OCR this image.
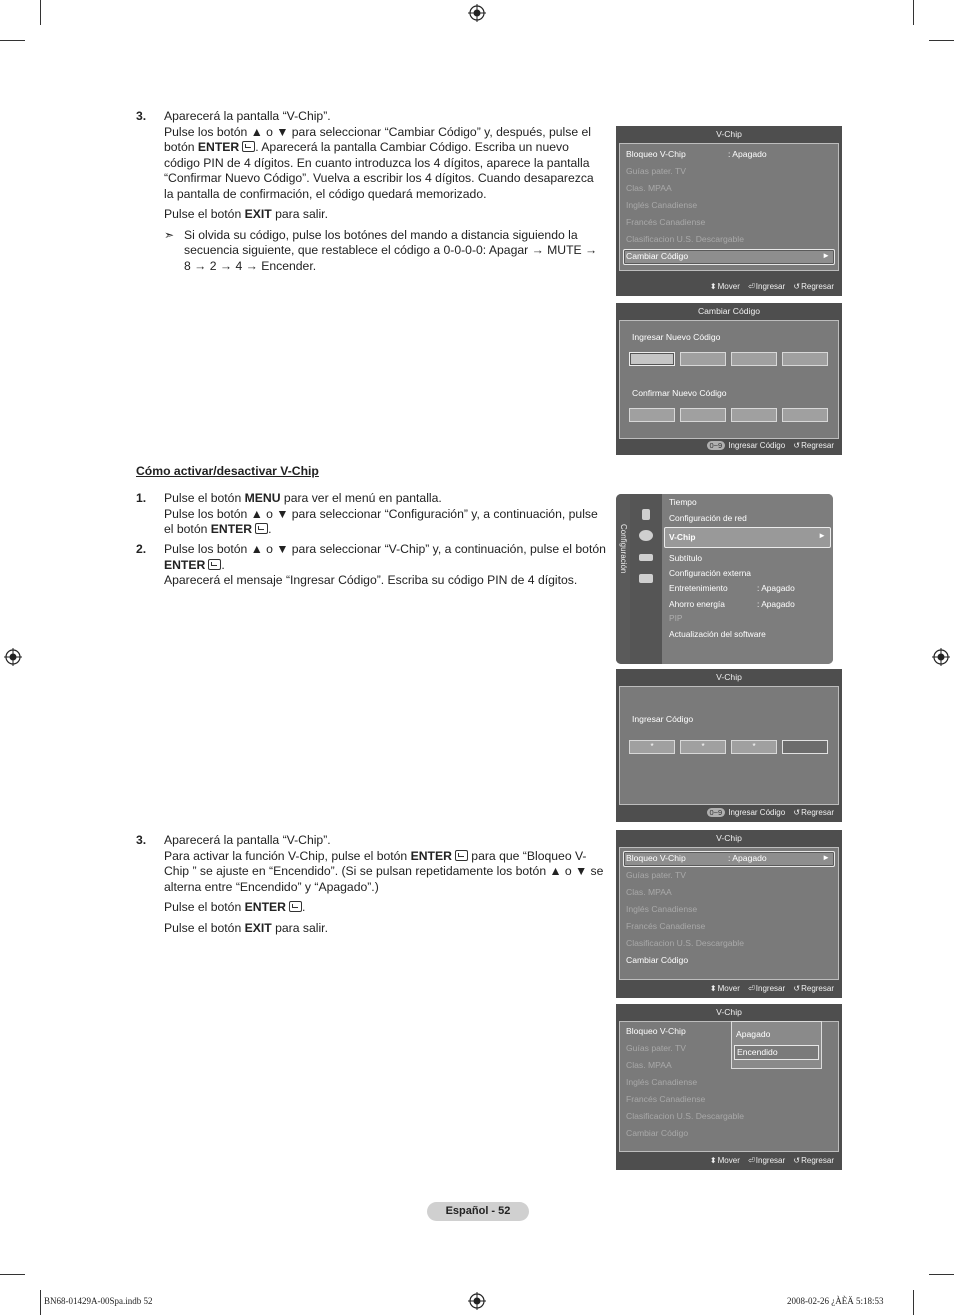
3. Aparecerá la pantalla “V-Chip”.

Pulse los botón ▲ o ▼ para seleccionar “Cambiar Código” y, después, pulse el botón ENTER . Aparecerá la pantalla Cambiar Código. Escriba un nuevo código PIN de 4 dígitos. En cuanto introduzca los 4 dígitos, aparece la pantalla “Confirmar Nuevo Código”. Vuelva a escribir los 4 dígitos. Cuando desaparezca la pantalla de confirmación, el código quedará memorizado.

Pulse el botón EXIT para salir.

➣ Si olvida su código, pulse los botónes del mando a distancia siguiendo la secuencia siguiente, que restablece el código a 0-0-0-0: Apagar → MUTE → 8 → 2 → 4 → Encender.
V-Chip
Bloqueo V-Chip	: Apagado
Guías pater. TV
Clas. MPAA
Inglés Canadiense
Francés Canadiense
Clasificacion U.S. Descargable
►
Cambiar Código
⬍Mover ⏎Ingresar ↺Regresar
Cambiar Código
Ingresar Nuevo Código
Confirmar Nuevo Código
0~9 Ingresar Código ↺Regresar
Cómo activar/desactivar V-Chip
1. Pulse el botón MENU para ver el menú en pantalla.

Pulse los botón ▲ o ▼ para seleccionar “Configuración” y, a continuación, pulse el botón ENTER .

2. Pulse los botón ▲ o ▼ para seleccionar “V-Chip” y, a continuación, pulse el botón ENTER .

Aparecerá el mensaje “Ingresar Código”. Escriba su código PIN de 4 dígitos.

Configuración
Tiempo
Configuración de red
►
V-Chip
Subtítulo
Configuración externa
Entretenimiento	: Apagado
Ahorro energía	: Apagado
PIP
Actualización del software
V-Chip
Ingresar Código
*	*	*
0~9 Ingresar Código ↺Regresar
3. Aparecerá la pantalla “V-Chip”.

Para activar la función V-Chip, pulse el botón ENTER para que “Bloqueo V-Chip ” se ajuste en “Encendido”. (Si se pulsan repetidamente los botón ▲ o ▼ se alterna entre “Encendido” y “Apagado”.)

Pulse el botón ENTER .

Pulse el botón EXIT para salir.

V-Chip
►
Bloqueo V-Chip	: Apagado
Guías pater. TV
Clas. MPAA
Inglés Canadiense
Francés Canadiense
Clasificacion U.S. Descargable
Cambiar Código
⬍Mover ⏎Ingresar ↺Regresar
V-Chip
Bloqueo V-Chip
Guías pater. TV
Clas. MPAA
Inglés Canadiense
Francés Canadiense
Clasificacion U.S. Descargable
Cambiar Código
Apagado
Encendido
⬍Mover ⏎Ingresar ↺Regresar
Español - 52
BN68-01429A-00Spa.indb 52	2008-02-26 ¿ÀÈÄ 5:18:53
